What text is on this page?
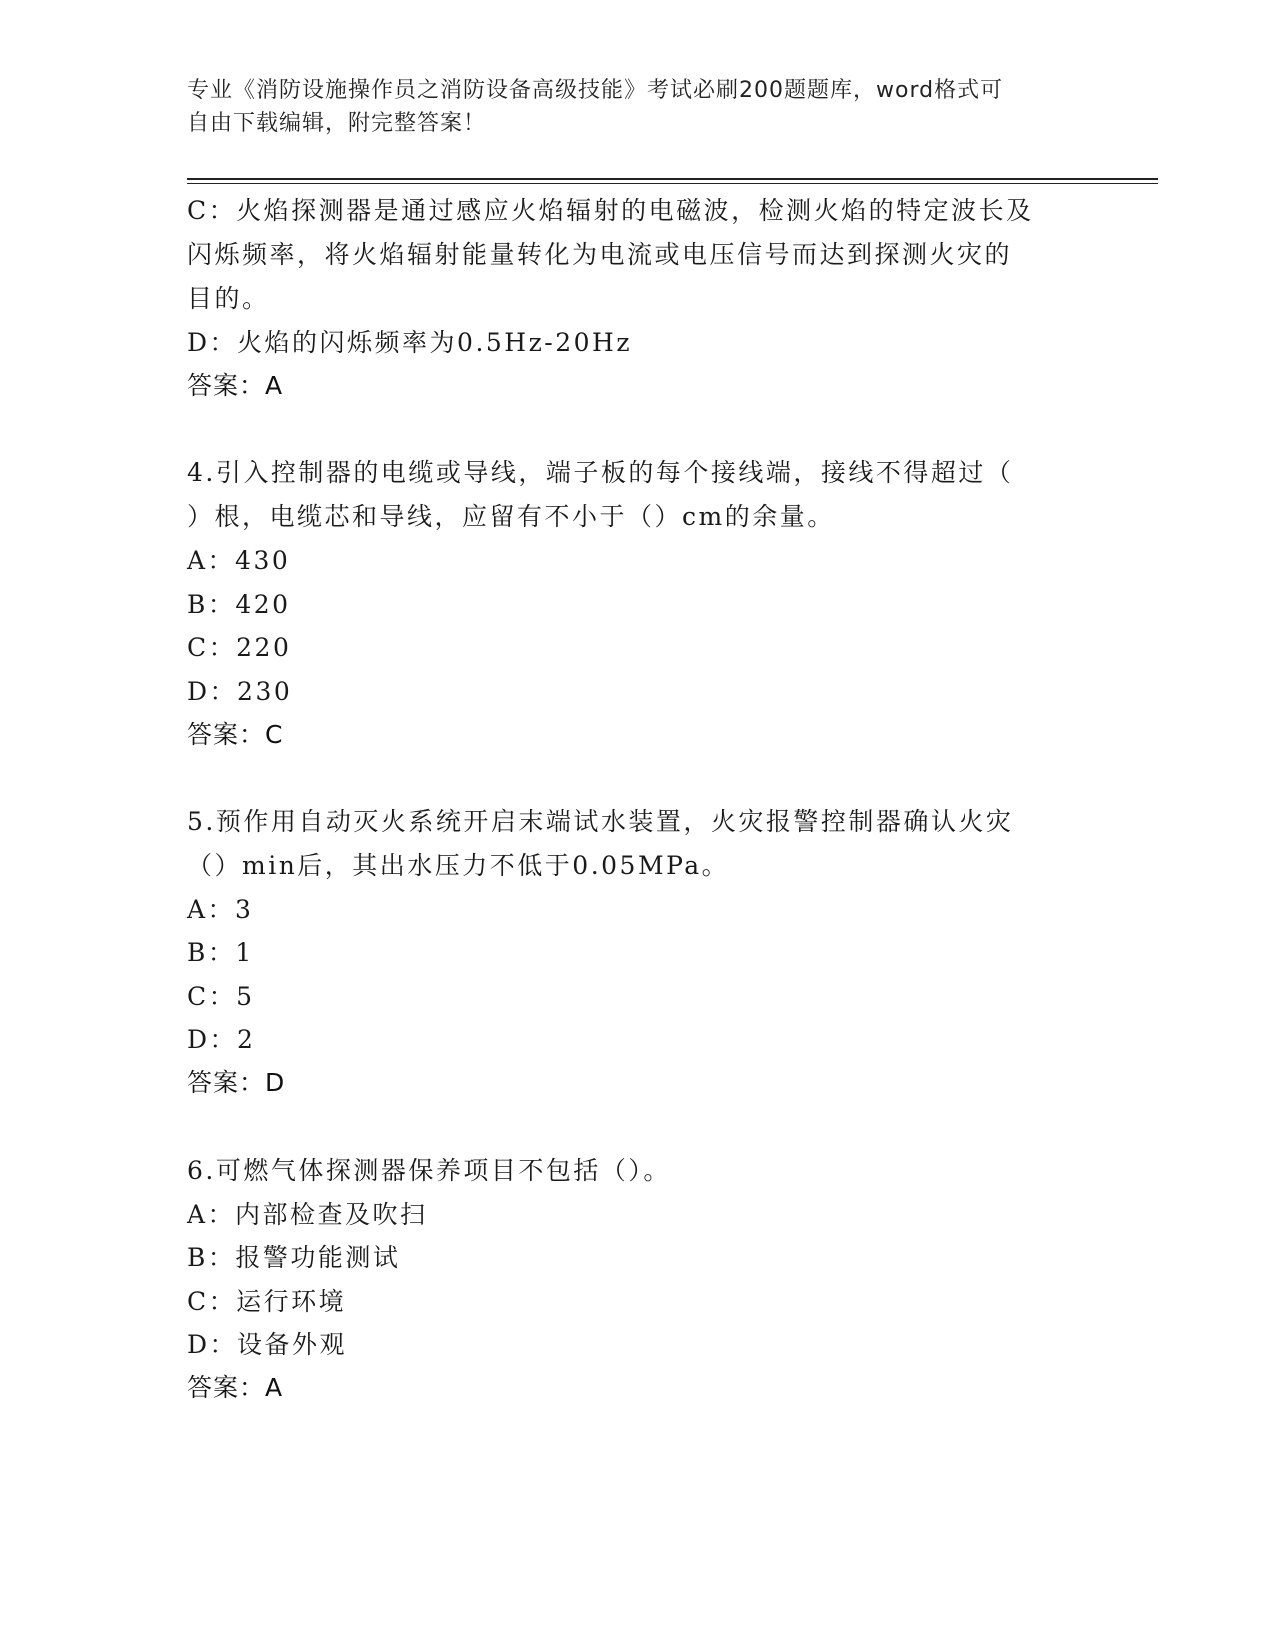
专业《消防设施操作员之消防设备高级技能》考试必刷200题题库，word格式可
自由下载编辑，附完整答案！
C：火焰探测器是通过感应火焰辐射的电磁波，检测火焰的特定波长及
闪烁频率，将火焰辐射能量转化为电流或电压信号而达到探测火灾的
目的。
D：火焰的闪烁频率为0.5Hz-20Hz
答案：A
4.引入控制器的电缆或导线，端子板的每个接线端，接线不得超过（
）根，电缆芯和导线，应留有不小于（）cm的余量。
A：430
B：420
C：220
D：230
答案：C
5.预作用自动灭火系统开启末端试水装置，火灾报警控制器确认火灾
（）min后，其出水压力不低于0.05MPa。
A：3
B：1
C：5
D：2
答案：D
6.可燃气体探测器保养项目不包括（）。
A：内部检查及吹扫
B：报警功能测试
C：运行环境
D：设备外观
答案：A
